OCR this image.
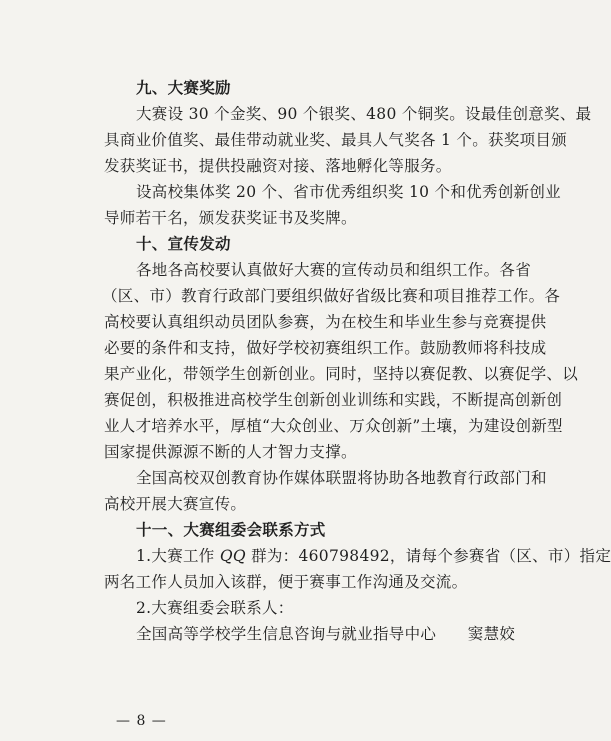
九、大赛奖励
大赛设 30 个金奖、90 个银奖、480 个铜奖。设最佳创意奖、最
具商业价值奖、最佳带动就业奖、最具人气奖各 1 个。获奖项目颁
发获奖证书，提供投融资对接、落地孵化等服务。
设高校集体奖 20 个、省市优秀组织奖 10 个和优秀创新创业
导师若干名，颁发获奖证书及奖牌。
十、宣传发动
各地各高校要认真做好大赛的宣传动员和组织工作。各省
（区、市）教育行政部门要组织做好省级比赛和项目推荐工作。各
高校要认真组织动员团队参赛，为在校生和毕业生参与竞赛提供
必要的条件和支持，做好学校初赛组织工作。鼓励教师将科技成
果产业化，带领学生创新创业。同时，坚持以赛促教、以赛促学、以
赛促创，积极推进高校学生创新创业训练和实践，不断提高创新创
业人才培养水平，厚植“大众创业、万众创新”土壤，为建设创新型
国家提供源源不断的人才智力支撑。
全国高校双创教育协作媒体联盟将协助各地教育行政部门和
高校开展大赛宣传。
十一、大赛组委会联系方式
1.大赛工作 QQ 群为：460798492，请每个参赛省（区、市）指定
两名工作人员加入该群，便于赛事工作沟通及交流。
2.大赛组委会联系人：
全国高等学校学生信息咨询与就业指导中心　　窦慧姣
— 8 —
